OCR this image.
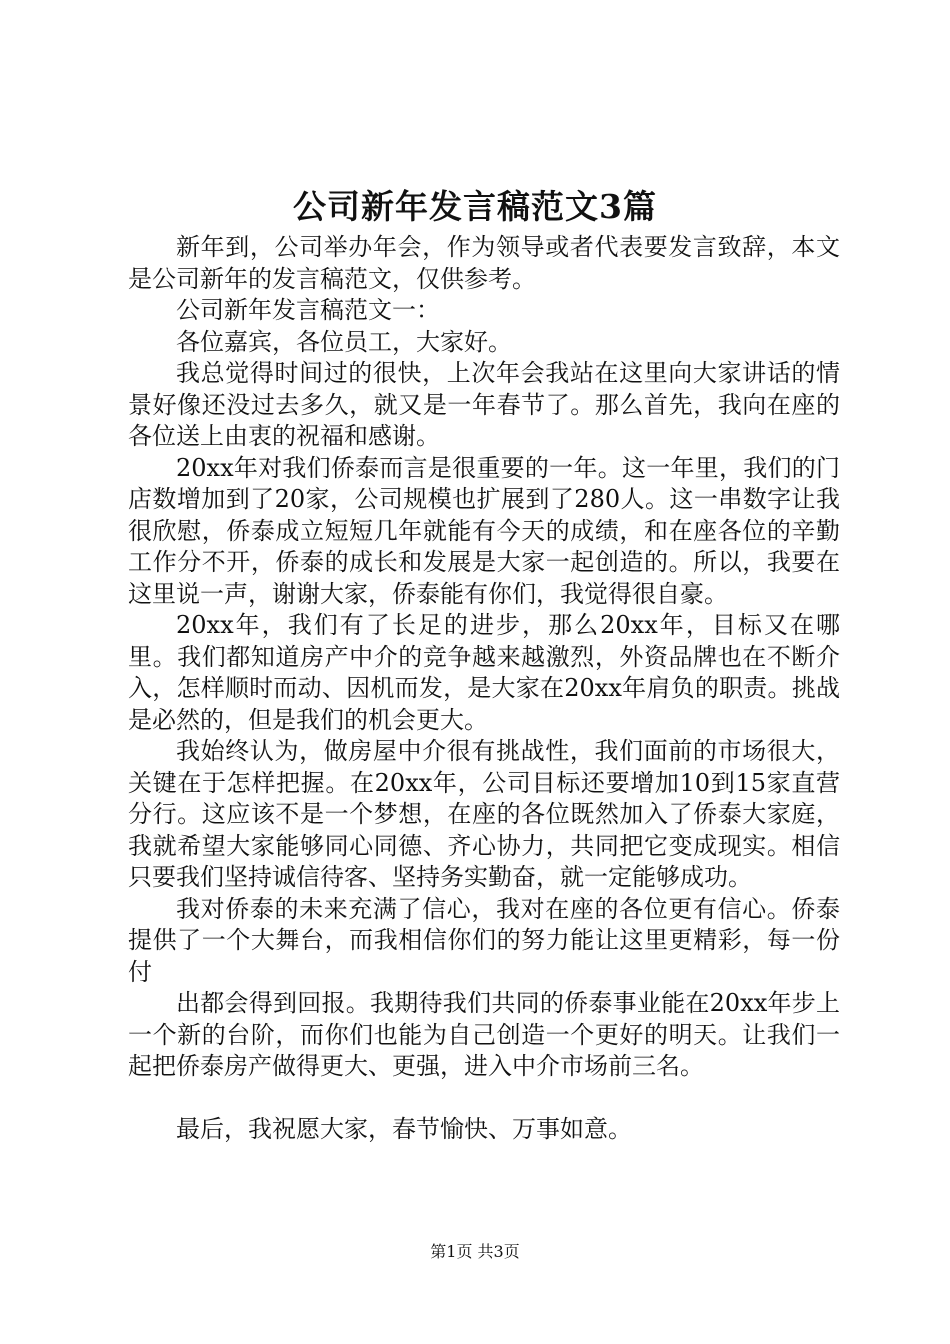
公司新年发言稿范文3篇

新年到，公司举办年会，作为领导或者代表要发言致辞，本文是公司新年的发言稿范文，仅供参考。

公司新年发言稿范文一：

各位嘉宾，各位员工，大家好。

我总觉得时间过的很快，上次年会我站在这里向大家讲话的情景好像还没过去多久，就又是一年春节了。那么首先，我向在座的各位送上由衷的祝福和感谢。

20xx年对我们侨泰而言是很重要的一年。这一年里，我们的门店数增加到了20家，公司规模也扩展到了280人。这一串数字让我很欣慰，侨泰成立短短几年就能有今天的成绩，和在座各位的辛勤工作分不开，侨泰的成长和发展是大家一起创造的。所以，我要在这里说一声，谢谢大家，侨泰能有你们，我觉得很自豪。

20xx年，我们有了长足的进步，那么20xx年，目标又在哪里。我们都知道房产中介的竞争越来越激烈，外资品牌也在不断介入，怎样顺时而动、因机而发，是大家在20xx年肩负的职责。挑战是必然的，但是我们的机会更大。

我始终认为，做房屋中介很有挑战性，我们面前的市场很大，关键在于怎样把握。在20xx年，公司目标还要增加10到15家直营分行。这应该不是一个梦想，在座的各位既然加入了侨泰大家庭，我就希望大家能够同心同德、齐心协力，共同把它变成现实。相信只要我们坚持诚信待客、坚持务实勤奋，就一定能够成功。

我对侨泰的未来充满了信心，我对在座的各位更有信心。侨泰提供了一个大舞台，而我相信你们的努力能让这里更精彩，每一份付

出都会得到回报。我期待我们共同的侨泰事业能在20xx年步上一个新的台阶，而你们也能为自己创造一个更好的明天。让我们一起把侨泰房产做得更大、更强，进入中介市场前三名。

最后，我祝愿大家，春节愉快、万事如意。

第1页 共3页
